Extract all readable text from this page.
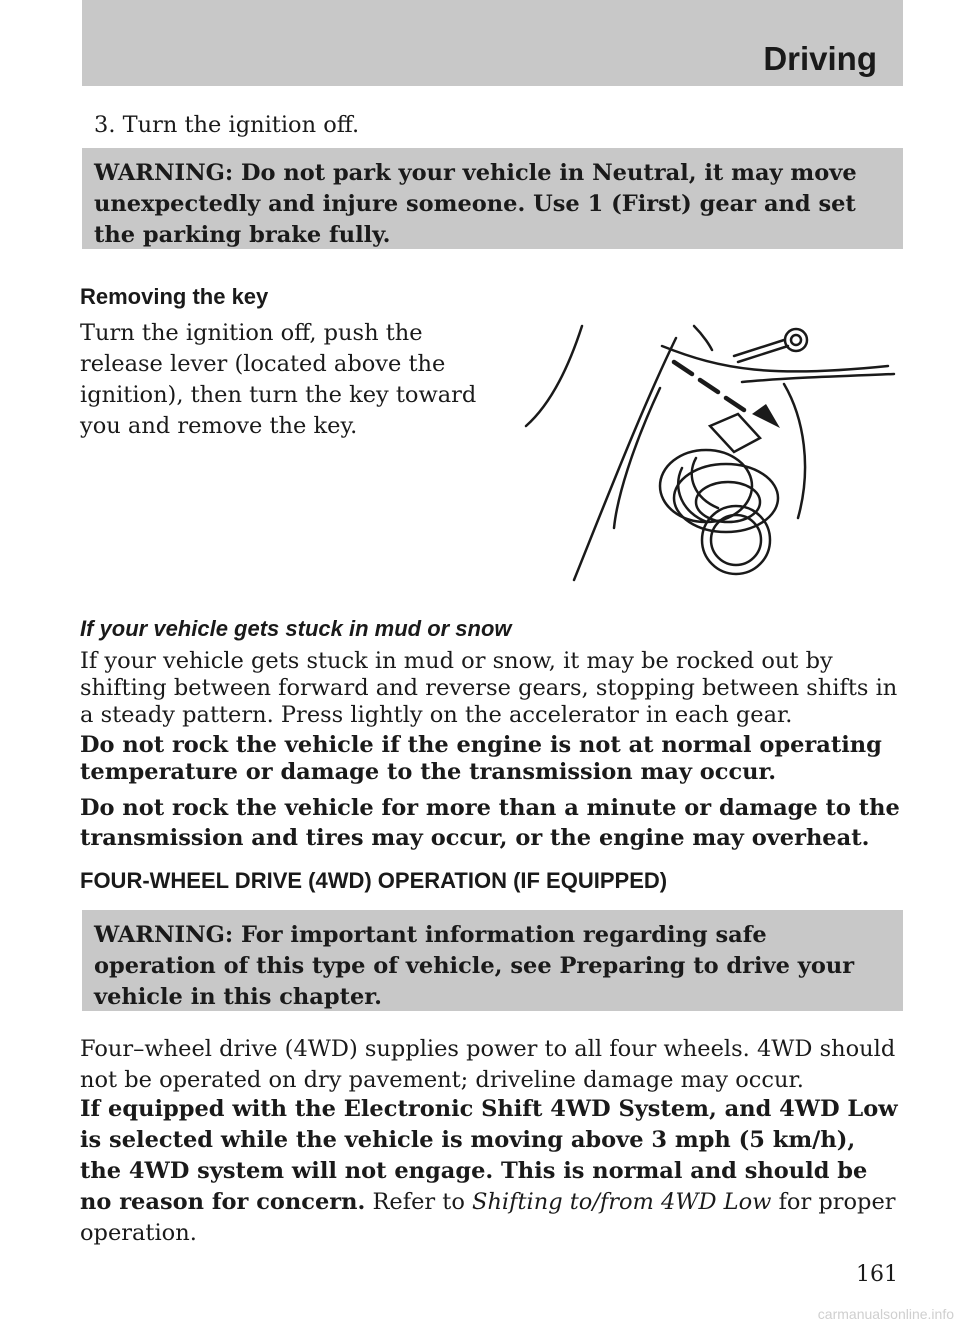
Driving

3. Turn the ignition off.

WARNING: Do not park your vehicle in Neutral, it may move unexpectedly and injure someone. Use 1 (First) gear and set the parking brake fully.

Removing the key

Turn the ignition off, push the release lever (located above the ignition), then turn the key toward you and remove the key.

If your vehicle gets stuck in mud or snow

If your vehicle gets stuck in mud or snow, it may be rocked out by shifting between forward and reverse gears, stopping between shifts in a steady pattern. Press lightly on the accelerator in each gear.

Do not rock the vehicle if the engine is not at normal operating temperature or damage to the transmission may occur.

Do not rock the vehicle for more than a minute or damage to the transmission and tires may occur, or the engine may overheat.

FOUR-WHEEL DRIVE (4WD) OPERATION (IF EQUIPPED)

WARNING: For important information regarding safe operation of this type of vehicle, see Preparing to drive your vehicle in this chapter.

Four–wheel drive (4WD) supplies power to all four wheels. 4WD should not be operated on dry pavement; driveline damage may occur.

If equipped with the Electronic Shift 4WD System, and 4WD Low is selected while the vehicle is moving above 3 mph (5 km/h), the 4WD system will not engage. This is normal and should be no reason for concern. Refer to Shifting to/from 4WD Low for proper operation.

161
carmanualsonline.info
